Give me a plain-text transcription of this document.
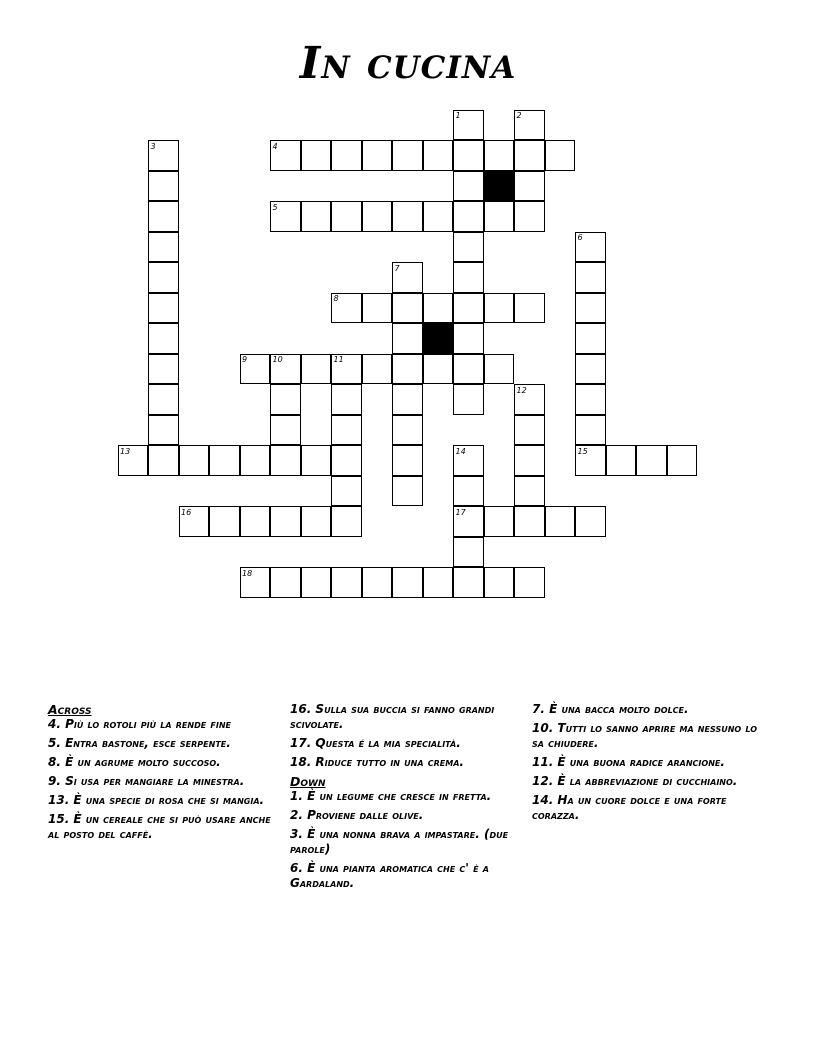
In cucina
1	2
3	4
5
6
7
8
9	10	11
12
13	14	15
16	17
18

Across

4. Più lo rotoli più la rende fine

5. Entra bastone, esce serpente.

8. È un agrume molto succoso.

9. Si usa per mangiare la minestra.

13. È una specie di rosa che si mangia.

15. È un cereale che si può usare anche al posto del caffè.

16. Sulla sua buccia si fanno grandi scivolate.

17. Questa é la mia specialità.

18. Riduce tutto in una crema.

Down

1. È un legume che cresce in fretta.

2. Proviene dalle olive.

3. È una nonna brava a impastare. (due parole)

6. È una pianta aromatica che c' è a Gardaland.

7. È una bacca molto dolce.

10. Tutti lo sanno aprire ma nessuno lo sa chiudere.

11. È una buona radice arancione.

12. È la abbreviazione di cucchiaino.

14. Ha un cuore dolce e una forte corazza.
